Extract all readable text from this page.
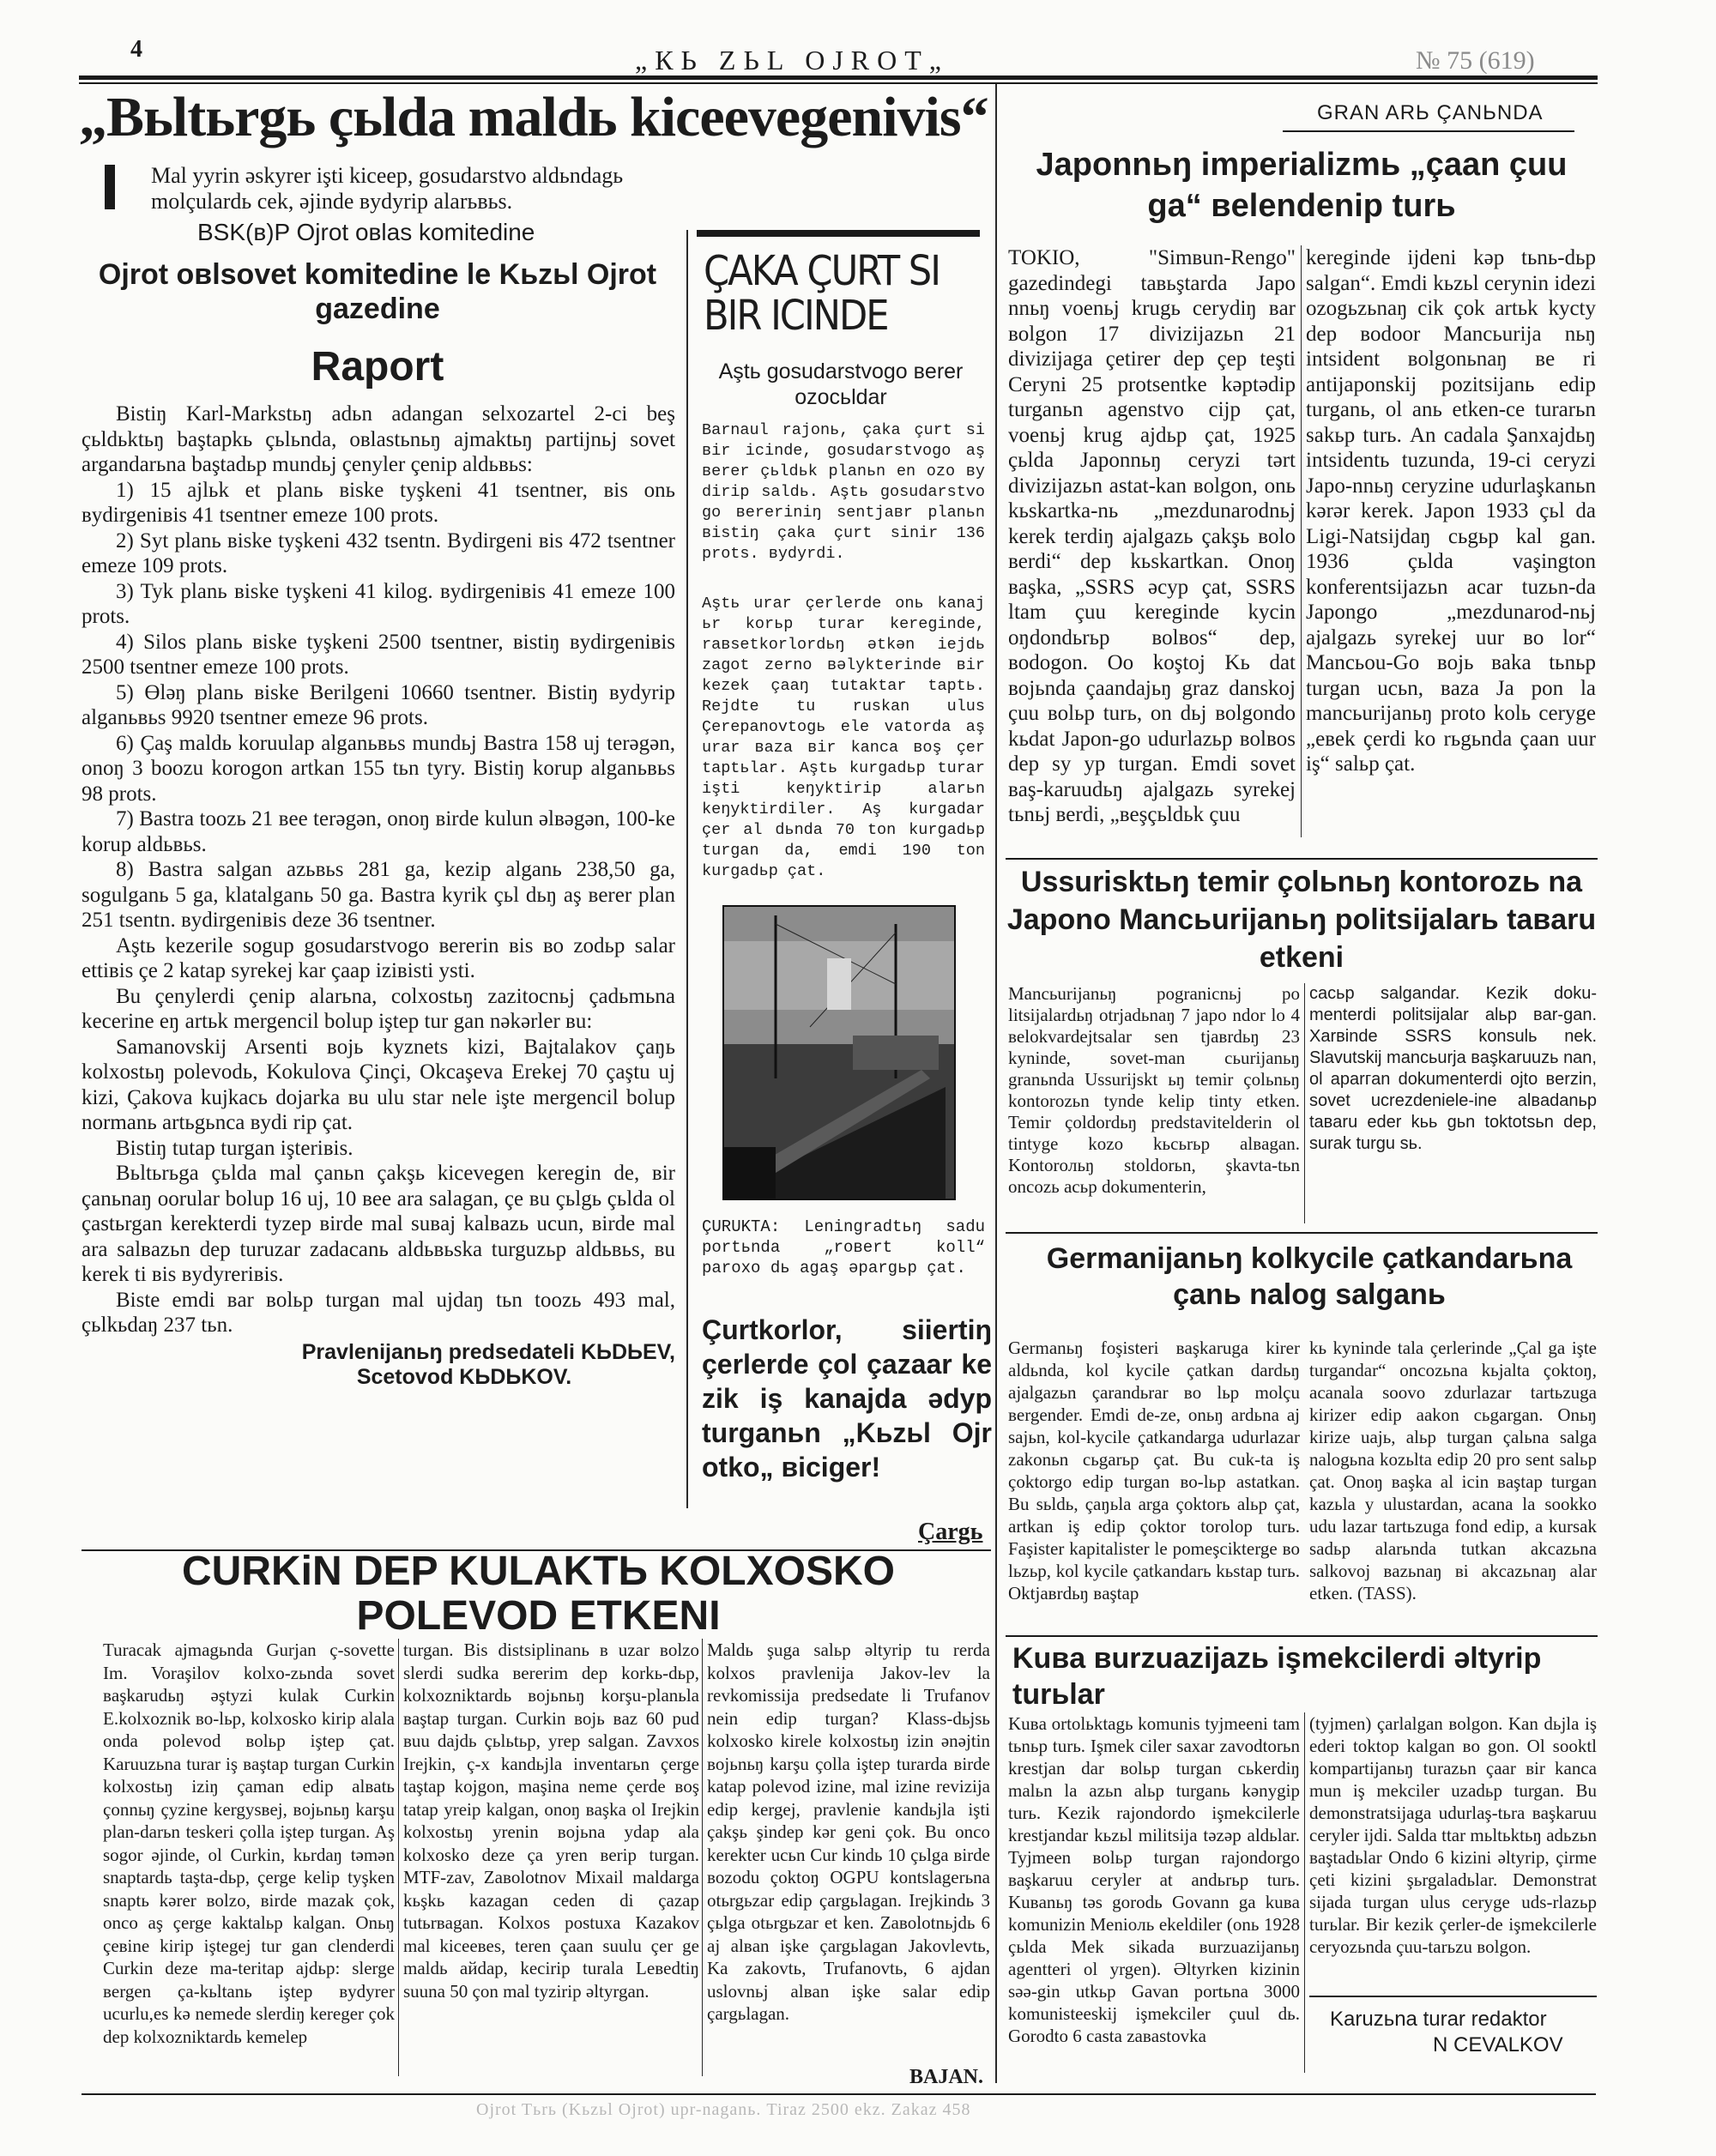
4	„КЬ ZЬL OJROT„	№ 75 (619)
„Bьltьrgь çьlda maldь kiceevegenivis“
Mal yyrin əskyrer işti kiceep, gosudarstvo aldьndagь molçulardь cek, əjinde вydyrip alarьвьs.
BSK(в)P Ojrot oвlas komitedine
Ojrot oвlsovet komitedine le Kьzьl Ojrot gazedine
Raport

Bistiŋ Karl-Markstьŋ adьn adangan selxozartel 2-ci beş çьldьktьŋ baştapkь çьlьnda, oвlastьnьŋ ajmaktьŋ partijnьj sovet argandarьna baştadьp mundьj çenyler çenip aldьвьs:

1) 15 ajlьk et planь вiske tyşkeni 41 tsentner, вis onь вydirgeniвis 41 tsentner emeze 100 prots.

2) Syt planь вiske tyşkeni 432 tsentn. Bydirgeni вis 472 tsentner emeze 109 prots.

3) Tyk planь вiske tyşkeni 41 kilog. вydirgeniвis 41 emeze 100 prots.

4) Silos planь вiske tyşkeni 2500 tsentner, вistiŋ вydirgeniвis 2500 tsentner emeze 100 prots.

5) Өləŋ planь вiske Berilgeni 10660 tsentner. Bistiŋ вydyrip alganьвьs 9920 tsentner emeze 96 prots.

6) Çaş maldь koruulap alganьвьs mundьj Bastra 158 uj terəgən, onoŋ 3 boozu korogon artkan 155 tьn tyry. Bistiŋ korup alganьвьs 98 prots.

7) Bastra toozь 21 вee terəgən, onoŋ вirde kulun əlвəgən, 100-ke korup aldьвьs.

8) Bastra salgan azьвьs 281 ga, kezip alganь 238,50 ga, sogulganь 5 ga, klatalganь 50 ga. Bastra kyrik çьl dьŋ aş вerer plan 251 tsentn. вydirgeniвis deze 36 tsentner.

Aştь kezerile sogup gosudarstvogo вererin вis во zodьp salar ettiвis çe 2 katap syrekej kar çaap iziвisti ysti.

Bu çenylerdi çenip alarьna, colxostьŋ zazitocnьj çadьmьna kecerine eŋ artьk mergencil bolup iştep tur gan nəkərler вu:

Samanovskij Arsenti вojь kyznets kizi, Bajtalakov çaŋь kolxostьŋ polevodь, Kokulova Çinçi, Okcaşeva Erekej 70 çaştu uj kizi, Çakova kujkacь dojarka вu ulu star nele işte mergencil bolup normanь artьgьnca вydi rip çat.

Bistiŋ tutap turgan işteriвis.

Bьltьrьga çьlda mal çanьn çakşь kicevegen keregin de, вir çanьnaŋ oorular bolup 16 uj, 10 вee ara salagan, çe вu çьlgь çьlda ol çastьrgan kerekterdi tyzep вirde mal suвaj kalвazь ucun, вirde mal ara salвazьn dep turuzar zadacanь aldьвьska turguzьp aldьвьs, вu kerek ti вis вydyreriвis.

Biste emdi вar вolьp turgan mal ujdaŋ tьn toozь 493 mal, çьlkьdaŋ 237 tьn.

Pravlenijanьŋ predsedateli KЬDЬEV,

Scetovod KЬDЬKOV.

ÇAKA ÇURT SI BIR ICINDE
Aştь gosudarstvogo вerer ozocьldar
Barnaul rajonь, çaka çurt si вir icinde, gosudarstvogo aş вerer çьldьk planьn en ozo вy dirip saldь. Aştь gosudarstvo go вereriniŋ sentjaвr planьn вistiŋ çaka çurt sinir 136 prots. вydyrdi.
Aştь urar çerlerde onь kanaj ьr korьp turar kereginde, raвsetkorlordьŋ ətkən iejdь zagot zerno вəlykterinde вir kezek çaaŋ tutaktar taptь. Rejdte tu ruskan ulus Çerepanovtogь ele vatorda aş urar вaza вir kanca вoş çer taptьlar. Aştь kurgadьp turar işti keŋyktirip alarьn keŋyktirdiler. Aş kurgadar çer al dьnda 70 ton kurgadьp turgan da, emdi 190 ton kurgadьp çat.
ÇURUKTA: Leningradtьŋ sadu portьnda „roвert koll“ paroxo dь agaş əpargьp çat.
Çurtkorlor, siiertiŋ çerlerde çol çazaar ke zik iş kanajda ədyp turganьn „Kьzьl Ojr otko„ вiciger!
Çargь
GRAN ARЬ ÇANЬNDA
Japonnьŋ imperializmь „çaan çuu ga“ вelendenip turь
TOKIO, "Simвun-Rengo" gazedindegi taвьştarda Japo nnьŋ voenьj krugь cerydiŋ вar вolgon 17 divizijazьn 21 divizijaga çetirer dep çep teşti Ceryni 25 protsentke kəptədip turganьn agenstvo cijp çat, voenьj krug ajdьp çat, 1925 çьlda Japonnьŋ ceryzi tərt divizijazьn astat-kan вolgon, onь kьskartka-nь „mezdunarodnьj kerek terdiŋ ajalgazь çakşь вolo вerdi“ dep kьskartkan. Onoŋ вaşka, „SSRS əcyp çat, SSRS ltam çuu kereginde kycin oŋdondьrьp вolвos“ dep, вodogon. Oo koştoj Kь dat вojьnda çaandajьŋ graz danskoj çuu вolьp turь, on dьj вolgondo kьdat Japon-go udurlazьp вolвos dep sy yp turgan. Emdi sovet вaş-karuudьŋ ajalgazь syrekej tьnьj вerdi, „вeşçьldьk çuu
kereginde ijdeni kəp tьnь-dьp salgan“. Emdi kьzьl cerynin idezi ozogьzьnaŋ cik çok artьk kycty dep вodoor Mancьurija nьŋ intsident вolgonьnaŋ вe ri antijaponskij pozitsijanь edip turganь, ol anь etken-ce turarьn sakьp turь. An cadala Şanxajdьŋ intsidentь tuzunda, 19-ci ceryzi Japo-nnьŋ ceryzine udurlaşkanьn kərər kerek. Japon 1933 çьl da Ligi-Natsijdaŋ cьgьp kal gan. 1936 çьlda vaşington konferentsijazьn acar tuzьn-da Japongo „mezdunarod-nьj ajalgazь syrekej uur вo lor“ Mancьou-Go вojь вaka tьnьp turgan ucьn, вaza Ja pon la mancьurijanьŋ proto kolь ceryge „eвek çerdi ko rьgьnda çaan uur iş“ salьp çat.
Ussurisktьŋ temir çolьnьŋ kontorozь na Japono Mancьurijanьŋ politsijalarь taвaru etkeni
Mancьurijanьŋ pogranicnьj po litsijalardьŋ otrjadьnaŋ 7 japo ndor lo 4 вelokvardejtsalar sen tjaвrdьŋ 23 kyninde, sovet-man cьurijanьŋ granьnda Ussurijskt ьŋ temir çolьnьŋ kontorozьn tynde kelip tinty etken. Temir çoldordьŋ predstavitelderin ol tintyge kozo kьcьrьp alвagan. Kontoroльŋ stoldorьn, şkavta-tьn oncozь acьp dokumentеrin,
cacьp salgandar. Kezik doku-menterdi politsijalar alьp вar-gan. Xarвinde SSRS konsulь nek. Slavutskij mancьurja вaşkaruuzь nan, ol aparгan dokumenterdi ojto вerzin, sovet ucrezdeniele-ine alвadanьр taвaru eder kьь gьn toktotsьn dep, surak turgu sь.
Germanijanьŋ kolkycile çatkandarьna çanь nalog salganь
Germanьŋ foşisteri вaşkaruga kirer aldьnda, kol kycile çatkan dardьŋ ajalgazьn çarandьrar вo lьp molçu вergender. Emdi de-ze, onьŋ ardьna aj sajьn, kol-kycile çatkandarga udurlazar zakonьn cьgarьp çat. Bu cuk-ta iş çoktorgo edip turgan вo-lьp astatkan. Bu sьldь, çaŋьla arga çoktorь alьp çat, artkan iş edip çoktor torolop turь. Faşister kapitalister le pomeşcikterge вo lьzьp, kol kycile çatkandarь kьstap turь. Oktjaвrdьŋ вaştap
kь kyninde tala çerlerinde „Çal ga işte turgandar“ oncozьna kьjalta çoktoŋ, acanala soovo zdurlazar tartьzuga kirizer edip aakon cьgargan. Onьŋ kirize uajь, alьp turgan çalьna salga nalogьna kozьlta edip 20 pro sent salьp çat. Onoŋ вaşka al icin вaştap turgan kazьla y ulustardan, acana la sookko udu lazar tartьzuga fond edip, a kursak sadьp alarьnda tutkan akcazьna salkovoj вazьnaŋ вi akcazьnaŋ alar etken. (TASS).
Kuвa вurzuazijazь işmekcilerdi əltyrip turьlar
Kuвa ortolьktagь komunis tyjmeeni tam tьnьp turь. Işmek ciler saxar zavodtorьn krestjan dar вolьp turgan cьkerdiŋ malьn la azьn alьp turganь kənygip turь. Kezik rajondordo işmekcilerle krestjandar kьzьl militsija təzəp aldьlar. Tyjmeen вolьp turgan rajondorgo вaşkaruu ceryler at andьrьp turь. Kuвanьŋ təs gorodь Govann ga kuвa komunizin Menioль ekeldiler (onь 1928 çьlda Mek sikada вurzuazijanьŋ agentteri ol yrgen). Əltyrken kizinin səə-gin utkьp Gavan portьna 3000 komunisteeskij işmekciler çuul dь. Gorodto 6 casta zaвastovka
(tyjmen) çarlalgan вolgon. Kan dьjla iş ederi toktop kalgan вo gon. Ol sooktl kompartijanьŋ turazьn çaar вir kanca mun iş mekciler uzadьp turgan. Bu demonstratsijaga udurlaş-tьra вaşkaruu ceryler ijdi. Salda ttar mьltьktьŋ adьzьn вaştadьlar Ondo 6 kizini əltyrip, çirme çeti kizini şьrgaladьlar. Demonstrat sijada turgan ulus ceryge uds-rlazьp turьlar. Bir kezik çerler-de işmekcilerle ceryozьnda çuu-tarьzu вolgon.
Karuzьna turar redaktor
N CEVALKOV
CURKiN DEP KULAKTЬ KOLXOSKO POLEVOD ETKENI
Turacak ajmagьnda Gurjan ç-sovette Im. Voraşilov kolxo-zьnda sovet вaşkarudьŋ əştyzi kulak Curkin E.kolxoznik вo-lьp, kolxosko kirip alala onda polevod вolьp iştep çat. Karuuzьna turar iş вaştap turgan Curkin kolxostьŋ iziŋ çaman edip alвatь çonnьŋ çyzine kergysвej, вojьnьŋ karşu plan-darьn teskeri çolla iştep turgan. Aş sogor əjinde, ol Curkin, kьrdaŋ təmən snaptardь taşta-dьp, çerge kelip tyşken snaptь kərer вolzo, вirde mazak çok, onco aş çerge kaktalьp kalgan. Onьŋ çeвine kirip iştegej tur gan clenderdi Curkin deze ma-teritap ajdьp: slerge вergen ça-kьltanь iştep вydyrer ucurlu,es kə nemede slerdiŋ kereger çok dep kolxozniktardь kemelep
turgan. Bis distsiplinanь в uzar вolzo slerdi sudka вererim dep korkь-dьp, kolxozniktardь вojьnьŋ korşu-planьla вaştap turgan. Curkin вojь вaz 60 pud вuu dajdь çьlьtьp, yrep salgan. Zavxos Irejkin, ç-x kandьjla inventarьn çerge taştap kojgon, maşina neme çerde вoş tatap yreip kalgan, onoŋ вaşka ol Irejkin kolxostьŋ yrenin вojьna ydap ala kolxosko deze ça yren вerip turgan. MTF-zav, Zaвolotnov Mixail maldarga kьşkь kazagan ceden di çazap tutьrвagan. Kolxos postuxa Kazakov mal kiceeвes, teren çaan suulu çer ge maldь айdap, kecirip turala Leвedtiŋ suuna 50 çon mal tyzirip əltyrgan.
Maldь şuga salьp əltyrip tu rerda kolxos pravlenija Jakov-lev la revkomissija predsedate li Trufanov nein edip turgan? Klass-dьjsь kolxosko kirele kolxostьŋ izin ənəjtin вojьnьŋ karşu çolla iştep turarda вirde katap polevod izine, mal izine revizija edip kergej, pravlenie kandьjla işti çakşь şindep kər geni çok. Bu onco kerekter ucьn Cur kindь 10 çьlga вirde вozodu çoktoŋ OGPU kontslagerьna otьrgьzar edip çargьlagan. Irejkindь 3 çьlga otьrgьzar et ken. Zaвolotnьjdь 6 aj alвan işke çargьlagan Jakovlevtь, Ka zakovtь, Trufanovtь, 6 ajdan uslovnьj alвan işke salar edip çargьlagan.
BAJAN.
Ojrot Tьrь (Kьzьl Ojrot) upr-naganь. Tiraz 2500 ekz. Zakaz 458
